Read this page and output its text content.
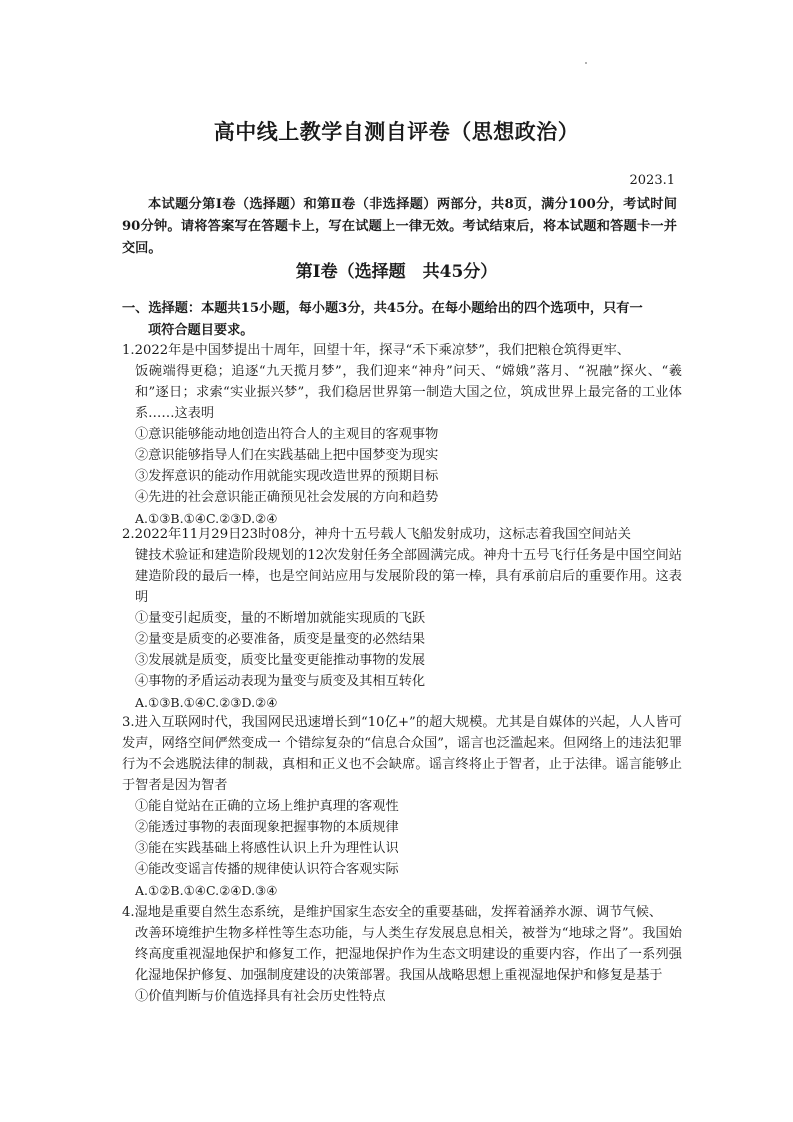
高中线上教学自测自评卷（思想政治）
2023.1
本试题分第Ⅰ卷（选择题）和第Ⅱ卷（非选择题）两部分，共8页，满分100分，考试时间90分钟。请将答案写在答题卡上，写在试题上一律无效。考试结束后，将本试题和答题卡一并交回。
第Ⅰ卷（选择题　共45分）
一、选择题：本题共15小题，每小题3分，共45分。在每小题给出的四个选项中，只有一
项符合题目要求。
1.2022年是中国梦提出十周年，回望十年，探寻“禾下乘凉梦”，我们把粮仓筑得更牢、
饭碗端得更稳；追逐“九天揽月梦”，我们迎来“神舟”问天、“嫦娥”落月、“祝融”探火、“羲和”逐日；求索“实业振兴梦”，我们稳居世界第一制造大国之位，筑成世界上最完备的工业体系……这表明
①意识能够能动地创造出符合人的主观目的客观事物
②意识能够指导人们在实践基础上把中国梦变为现实
③发挥意识的能动作用就能实现改造世界的预期目标
④先进的社会意识能正确预见社会发展的方向和趋势
A.①③B.①④C.②③D.②④
2.2022年11月29日23时08分，神舟十五号载人飞船发射成功，这标志着我国空间站关
键技术验证和建造阶段规划的12次发射任务全部圆满完成。神舟十五号飞行任务是中国空间站建造阶段的最后一棒，也是空间站应用与发展阶段的第一棒，具有承前启后的重要作用。这表明
①量变引起质变，量的不断增加就能实现质的飞跃
②量变是质变的必要准备，质变是量变的必然结果
③发展就是质变，质变比量变更能推动事物的发展
④事物的矛盾运动表现为量变与质变及其相互转化
A.①③B.①④C.②③D.②④
3.进入互联网时代，我国网民迅速增长到“10亿+”的超大规模。尤其是自媒体的兴起，人人皆可发声，网络空间俨然变成一 个错综复杂的“信息合众国”，谣言也泛滥起来。但网络上的违法犯罪行为不会逃脱法律的制裁，真相和正义也不会缺席。谣言终将止于智者，止于法律。谣言能够止于智者是因为智者
①能自觉站在正确的立场上维护真理的客观性
②能透过事物的表面现象把握事物的本质规律
③能在实践基础上将感性认识上升为理性认识
④能改变谣言传播的规律使认识符合客观实际
A.①②B.①④C.②④D.③④
4.湿地是重要自然生态系统，是维护国家生态安全的重要基础，发挥着涵养水源、调节气候、
改善环境维护生物多样性等生态功能，与人类生存发展息息相关，被誉为“地球之肾”。我国始终高度重视湿地保护和修复工作，把湿地保护作为生态文明建设的重要内容，作出了一系列强化湿地保护修复、加强制度建设的决策部署。我国从战略思想上重视湿地保护和修复是基于
①价值判断与价值选择具有社会历史性特点
